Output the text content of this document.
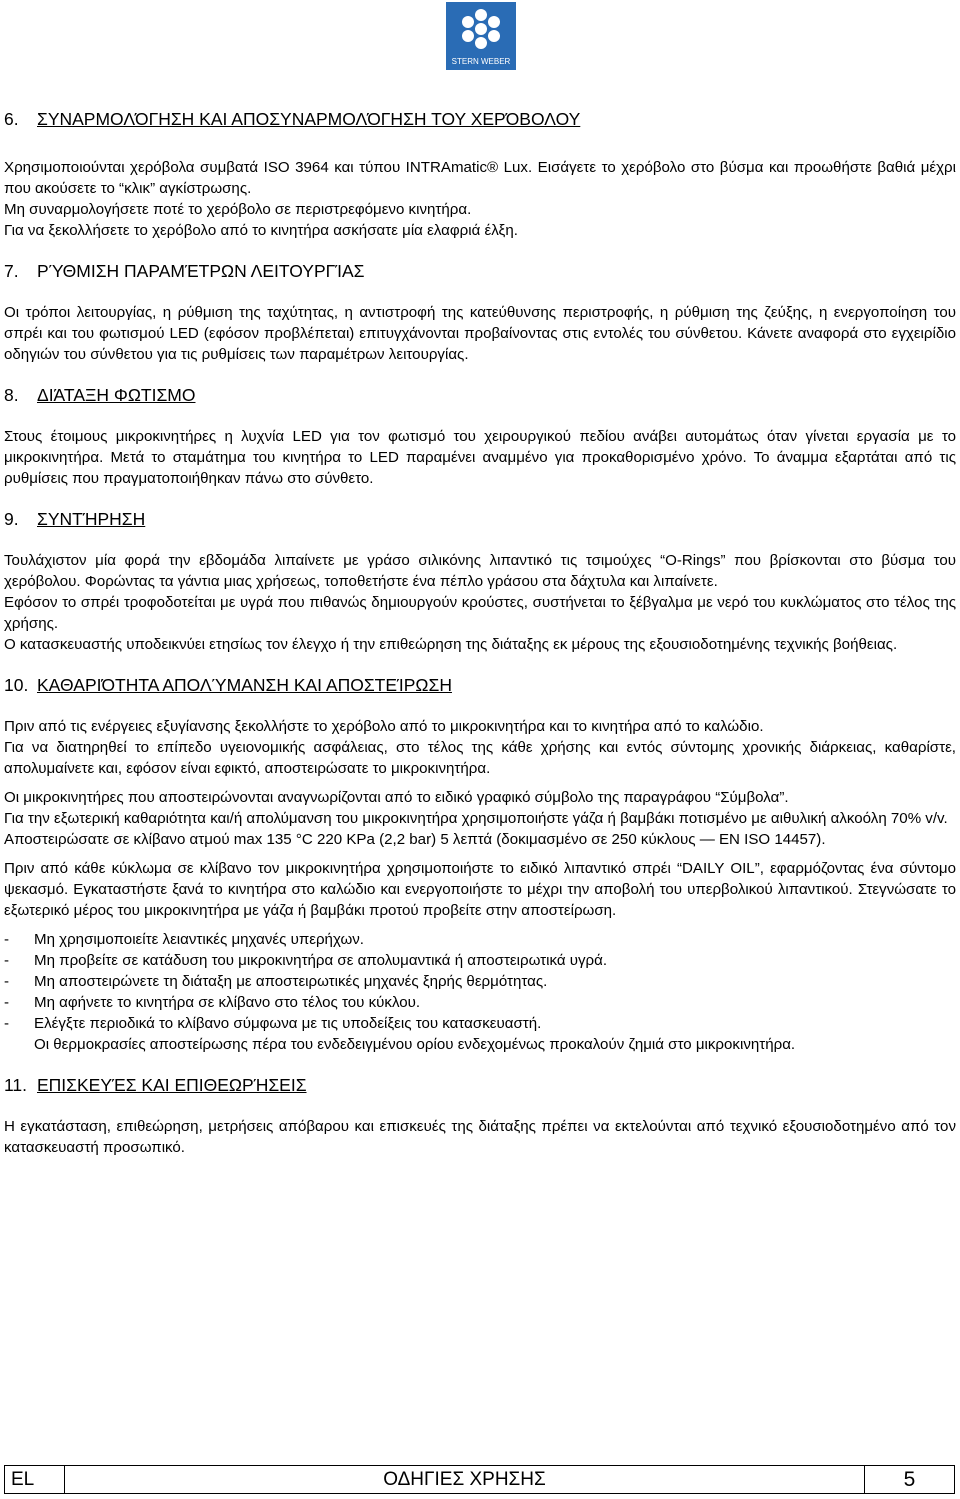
STERN WEBER
6. ΣΥΝΑΡΜΟΛΌΓΗΣΗ ΚΑΙ ΑΠΟΣΥΝΑΡΜΟΛΌΓΗΣΗ ΤΟΥ ΧΕΡΌΒΟΛΟΥ

Χρησιμοποιούνται χερόβολα συμβατά ISO 3964 και τύπου INTRAmatic® Lux. Εισάγετε το χερόβολο στο βύσμα και προωθήστε βαθιά μέχρι που ακούσετε το “κλικ” αγκίστρωσης.

Μη συναρμολογήσετε ποτέ το χερόβολο σε περιστρεφόμενο κινητήρα.

Για να ξεκολλήσετε το χερόβολο από το κινητήρα ασκήσατε μία ελαφριά έλξη.

7. ΡΎΘΜΙΣΗ ΠΑΡΑΜΈΤΡΩΝ ΛΕΙΤΟΥΡΓΊΑΣ

Οι τρόποι λειτουργίας, η ρύθμιση της ταχύτητας, η αντιστροφή της κατεύθυνσης περιστροφής, η ρύθμιση της ζεύξης, η ενεργοποίηση του σπρέι και του φωτισμού LED (εφόσον προβλέπεται) επιτυγχάνονται προβαίνοντας στις εντολές του σύνθετου. Κάνετε αναφορά στο εγχειρίδιο οδηγιών του σύνθετου για τις ρυθμίσεις των παραμέτρων λειτουργίας.

8. ΔΙΆΤΑΞΗ ΦΩΤΙΣΜΟ

Στους έτοιμους μικροκινητήρες η λυχνία LED για τον φωτισμό του χειρουργικού πεδίου ανάβει αυτομάτως όταν γίνεται εργασία με το μικροκινητήρα. Μετά το σταμάτημα του κινητήρα το LED παραμένει αναμμένο για προκαθορισμένο χρόνο. Το άναμμα εξαρτάται από τις ρυθμίσεις που πραγματοποιήθηκαν πάνω στο σύνθετο.

9. ΣΥΝΤΉΡΗΣΗ

Τουλάχιστον μία φορά την εβδομάδα λιπαίνετε με γράσο σιλικόνης λιπαντικό τις τσιμούχες “O-Rings” που βρίσκονται στο βύσμα του χερόβολου. Φορώντας τα γάντια μιας χρήσεως, τοποθετήστε ένα πέπλο γράσου στα δάχτυλα και λιπαίνετε.

Εφόσον το σπρέι τροφοδοτείται με υγρά που πιθανώς δημιουργούν κρούστες, συστήνεται το ξέβγαλμα με νερό του κυκλώματος στο τέλος της χρήσης.

Ο κατασκευαστής υποδεικνύει ετησίως τον έλεγχο ή την επιθεώρηση της διάταξης εκ μέρους της εξουσιοδοτημένης τεχνικής βοήθειας.

10. ΚΑΘΑΡΙΌΤΗΤΑ ΑΠΟΛΎΜΑΝΣΗ ΚΑΙ ΑΠΟΣΤΕΊΡΩΣΗ

Πριν από τις ενέργειες εξυγίανσης ξεκολλήστε το χερόβολο από το μικροκινητήρα και το κινητήρα από το καλώδιο.

Για να διατηρηθεί το επίπεδο υγειονομικής ασφάλειας, στο τέλος της κάθε χρήσης και εντός σύντομης χρονικής διάρκειας, καθαρίστε, απολυμαίνετε και, εφόσον είναι εφικτό, αποστειρώσατε το μικροκινητήρα.

Οι μικροκινητήρες που αποστειρώνονται αναγνωρίζονται από το ειδικό γραφικό σύμβολο της παραγράφου “Σύμβολα”.

Για την εξωτερική καθαριότητα και/ή απολύμανση του μικροκινητήρα χρησιμοποιήστε γάζα ή βαμβάκι ποτισμένο με αιθυλική αλκοόλη 70% v/v.

Αποστειρώσατε σε κλίβανο ατμού max 135 °C 220 KPa (2,2 bar) 5 λεπτά (δοκιμασμένο σε 250 κύκλους ― EN ISO 14457).

Πριν από κάθε κύκλωμα σε κλίβανο τον μικροκινητήρα χρησιμοποιήστε το ειδικό λιπαντικό σπρέι “DAILY OIL”, εφαρμόζοντας ένα σύντομο ψεκασμό. Εγκαταστήστε ξανά το κινητήρα στο καλώδιο και ενεργοποιήστε το μέχρι την αποβολή του υπερβολικού λιπαντικού. Στεγνώσατε το εξωτερικό μέρος του μικροκινητήρα με γάζα ή βαμβάκι προτού προβείτε στην αποστείρωση.

- Μη χρησιμοποιείτε λειαντικές μηχανές υπερήχων.
- Μη προβείτε σε κατάδυση του μικροκινητήρα σε απολυμαντικά ή αποστειρωτικά υγρά.
- Μη αποστειρώνετε τη διάταξη με αποστειρωτικές μηχανές ξηρής θερμότητας.
- Μη αφήνετε το κινητήρα σε κλίβανο στο τέλος του κύκλου.
- Ελέγξτε περιοδικά το κλίβανο σύμφωνα με τις υποδείξεις του κατασκευαστή.

Οι θερμοκρασίες αποστείρωσης πέρα του ενδεδειγμένου ορίου ενδεχομένως προκαλούν ζημιά στο μικροκινητήρα.

11. ΕΠΙΣΚΕΥΈΣ ΚΑΙ ΕΠΙΘΕΩΡΉΣΕΙΣ

Η εγκατάσταση, επιθεώρηση, μετρήσεις απόβαρου και επισκευές της διάταξης πρέπει να εκτελούνται από τεχνικό εξουσιοδοτημένο από τον κατασκευαστή προσωπικό.

EL	ΟΔΗΓΙΕΣ ΧΡΗΣΗΣ	5
